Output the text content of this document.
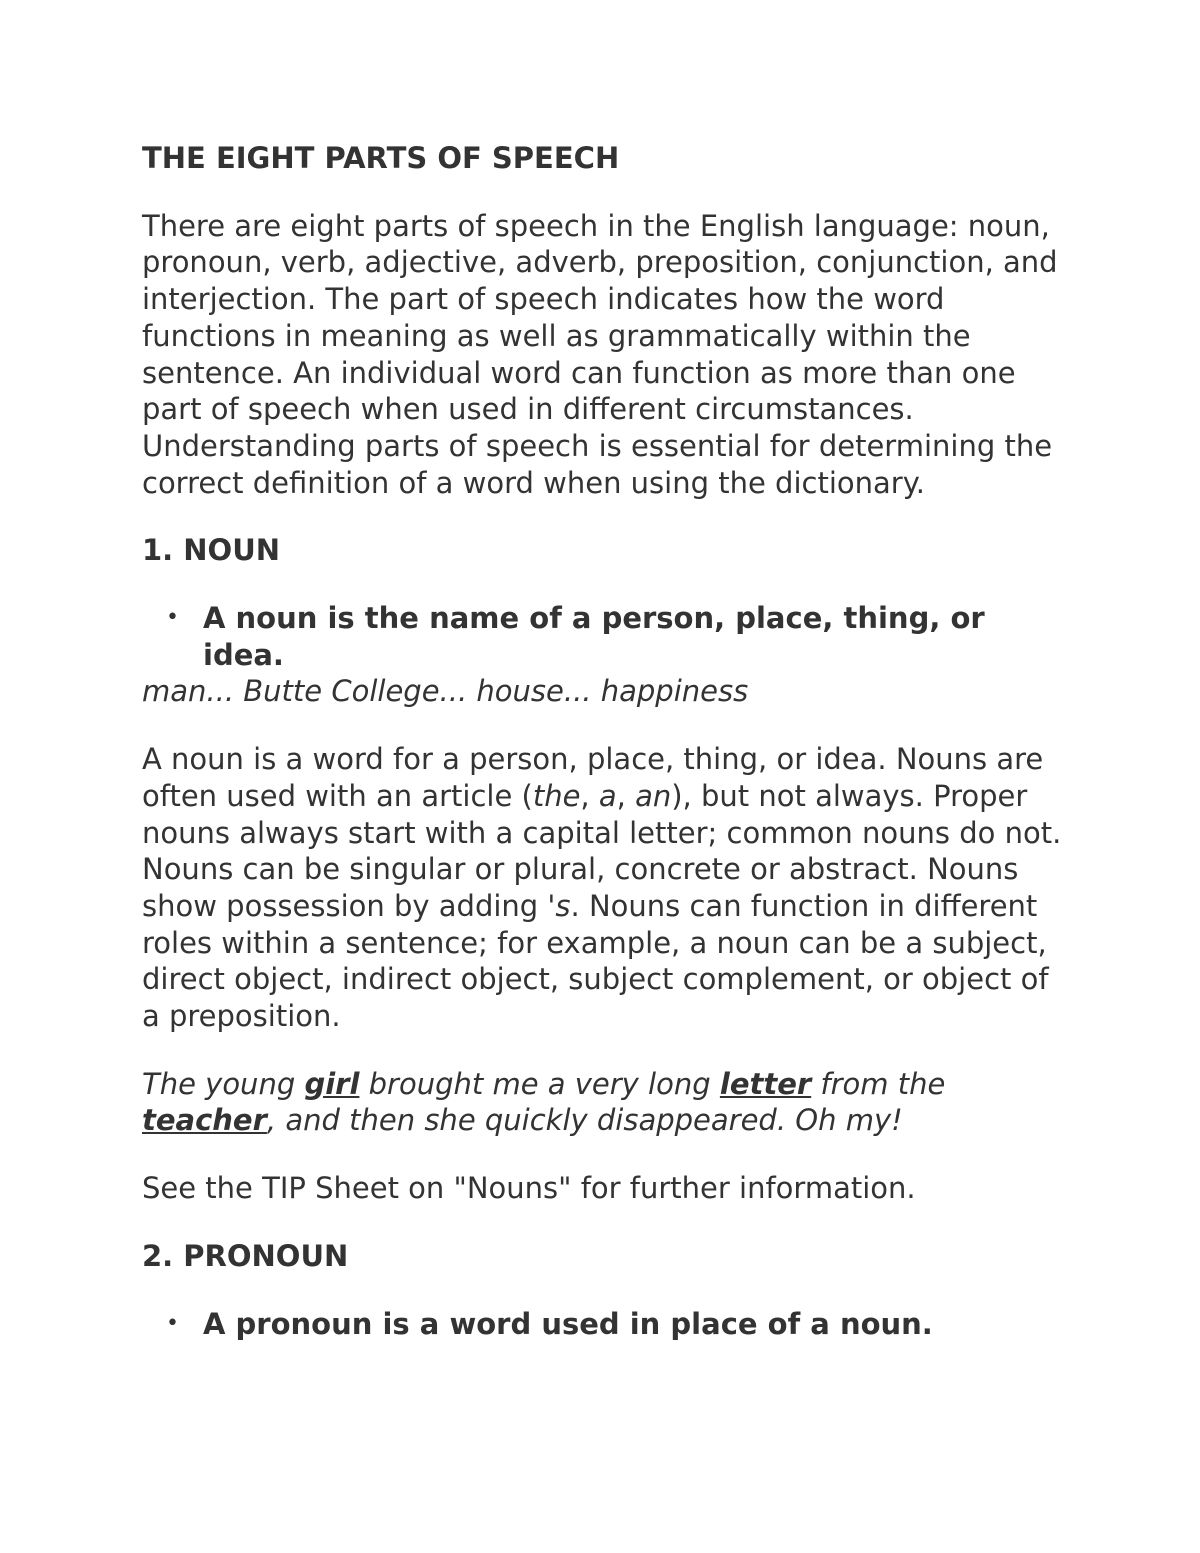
THE EIGHT PARTS OF SPEECH

There are eight parts of speech in the English language: noun, pronoun, verb, adjective, adverb, preposition, conjunction, and interjection. The part of speech indicates how the word functions in meaning as well as grammatically within the sentence. An individual word can function as more than one part of speech when used in different circumstances. Understanding parts of speech is essential for determining the correct definition of a word when using the dictionary.

1. NOUN
• A noun is the name of a person, place, thing, or idea.
man... Butte College... house... happiness

A noun is a word for a person, place, thing, or idea. Nouns are often used with an article (the, a, an), but not always. Proper nouns always start with a capital letter; common nouns do not. Nouns can be singular or plural, concrete or abstract. Nouns show possession by adding 's. Nouns can function in different roles within a sentence; for example, a noun can be a subject, direct object, indirect object, subject complement, or object of a preposition.

The young girl brought me a very long letter from the teacher, and then she quickly disappeared. Oh my!

See the TIP Sheet on "Nouns" for further information.

2. PRONOUN
• A pronoun is a word used in place of a noun.
